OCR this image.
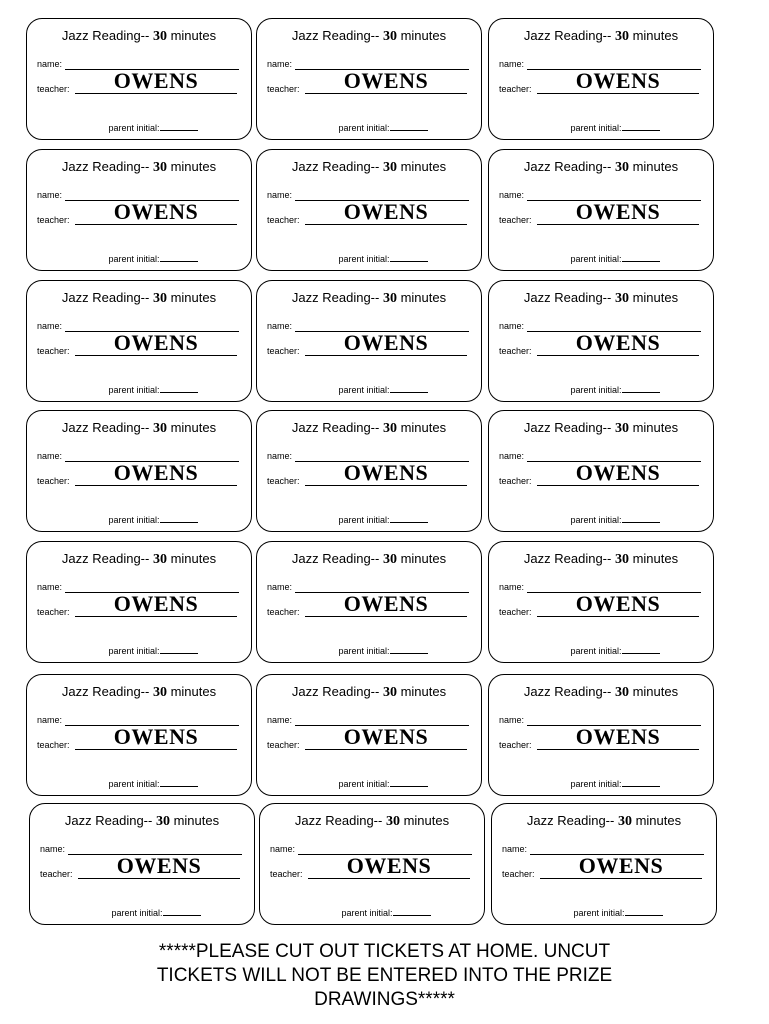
Jazz Reading-- 30 minutes
name:
teacher:	OWENS
parent initial:
Jazz Reading-- 30 minutes
name:
teacher:	OWENS
parent initial:
Jazz Reading-- 30 minutes
name:
teacher:	OWENS
parent initial:
Jazz Reading-- 30 minutes
name:
teacher:	OWENS
parent initial:
Jazz Reading-- 30 minutes
name:
teacher:	OWENS
parent initial:
Jazz Reading-- 30 minutes
name:
teacher:	OWENS
parent initial:
Jazz Reading-- 30 minutes
name:
teacher:	OWENS
parent initial:
Jazz Reading-- 30 minutes
name:
teacher:	OWENS
parent initial:
Jazz Reading-- 30 minutes
name:
teacher:	OWENS
parent initial:
Jazz Reading-- 30 minutes
name:
teacher:	OWENS
parent initial:
Jazz Reading-- 30 minutes
name:
teacher:	OWENS
parent initial:
Jazz Reading-- 30 minutes
name:
teacher:	OWENS
parent initial:
Jazz Reading-- 30 minutes
name:
teacher:	OWENS
parent initial:
Jazz Reading-- 30 minutes
name:
teacher:	OWENS
parent initial:
Jazz Reading-- 30 minutes
name:
teacher:	OWENS
parent initial:
Jazz Reading-- 30 minutes
name:
teacher:	OWENS
parent initial:
Jazz Reading-- 30 minutes
name:
teacher:	OWENS
parent initial:
Jazz Reading-- 30 minutes
name:
teacher:	OWENS
parent initial:
Jazz Reading-- 30 minutes
name:
teacher:	OWENS
parent initial:
Jazz Reading-- 30 minutes
name:
teacher:	OWENS
parent initial:
Jazz Reading-- 30 minutes
name:
teacher:	OWENS
parent initial:
*****PLEASE CUT OUT TICKETS AT HOME. UNCUT
TICKETS WILL NOT BE ENTERED INTO THE PRIZE
DRAWINGS*****
